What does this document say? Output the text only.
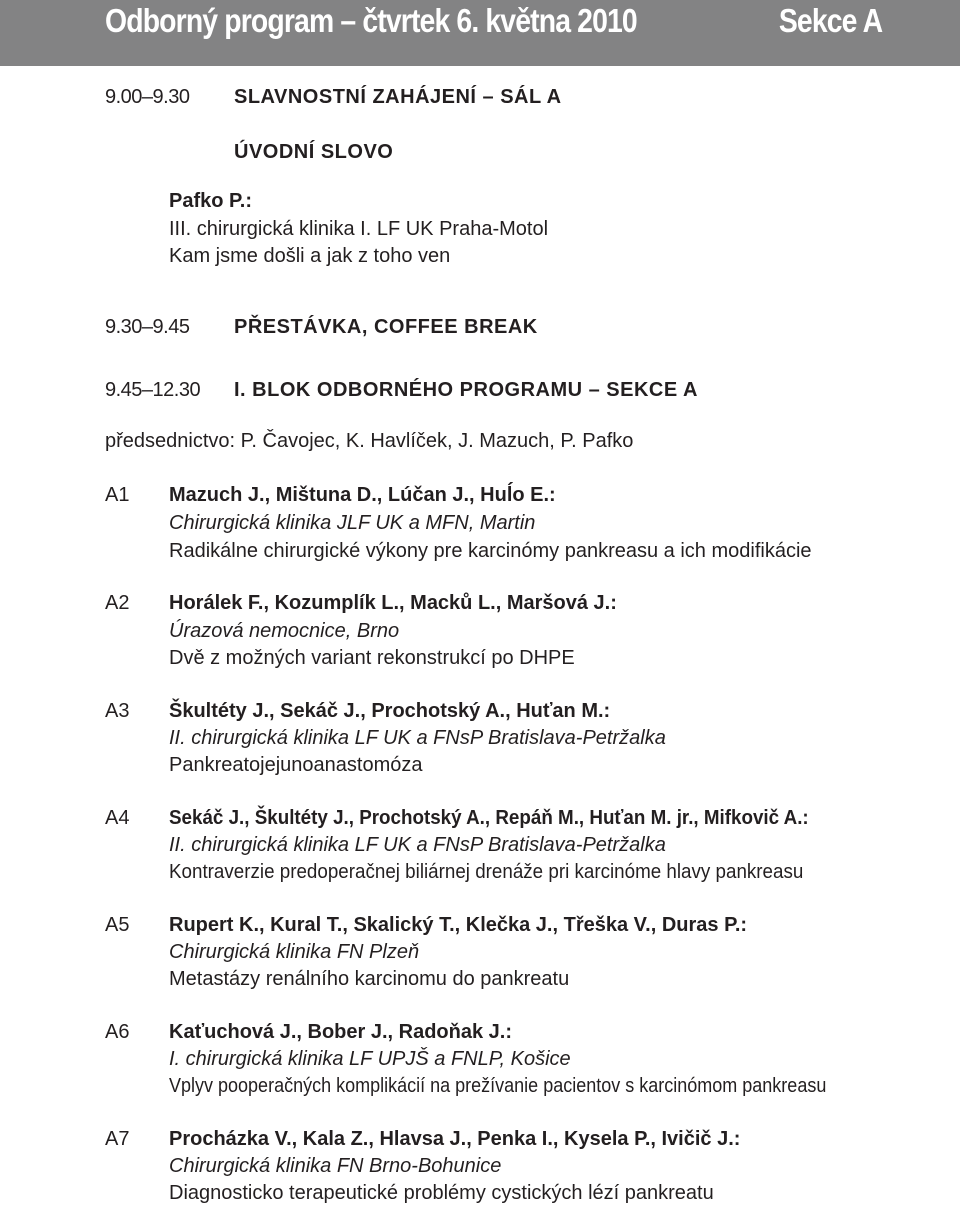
Odborný program – čtvrtek 6. května 2010	Sekce A
9.00–9.30 SLAVNOSTNÍ ZAHÁJENÍ – SÁL A
ÚVODNÍ SLOVO
Pafko P.:
III. chirurgická klinika I. LF UK Praha-Motol
Kam jsme došli a jak z toho ven
9.30–9.45 PŘESTÁVKA, COFFEE BREAK
9.45–12.30 I. BLOK ODBORNÉHO PROGRAMU – SEKCE A
předsednictvo: P. Čavojec, K. Havlíček, J. Mazuch, P. Pafko
A1 Mazuch J., Mištuna D., Lúčan J., Huĺo E.:
Chirurgická klinika JLF UK a MFN, Martin
Radikálne chirurgické výkony pre karcinómy pankreasu a ich modifikácie
A2 Horálek F., Kozumplík L., Macků L., Maršová J.:
Úrazová nemocnice, Brno
Dvě z možných variant rekonstrukcí po DHPE
A3 Škultéty J., Sekáč J., Prochotský A., Huťan M.:
II. chirurgická klinika LF UK a FNsP Bratislava-Petržalka
Pankreatojejunoanastomóza
A4 Sekáč J., Škultéty J., Prochotský A., Repáň M., Huťan M. jr., Mifkovič A.:
II. chirurgická klinika LF UK a FNsP Bratislava-Petržalka
Kontraverzie predoperačnej biliárnej drenáže pri karcinóme hlavy pankreasu
A5 Rupert K., Kural T., Skalický T., Klečka J., Třeška V., Duras P.:
Chirurgická klinika FN Plzeň
Metastázy renálního karcinomu do pankreatu
A6 Kaťuchová J., Bober J., Radoňak J.:
I. chirurgická klinika LF UPJŠ a FNLP, Košice
Vplyv pooperačných komplikácií na prežívanie pacientov s karcinómom pankreasu
A7 Procházka V., Kala Z., Hlavsa J., Penka I., Kysela P., Ivičič J.:
Chirurgická klinika FN Brno-Bohunice
Diagnosticko terapeutické problémy cystických lézí pankreatu
